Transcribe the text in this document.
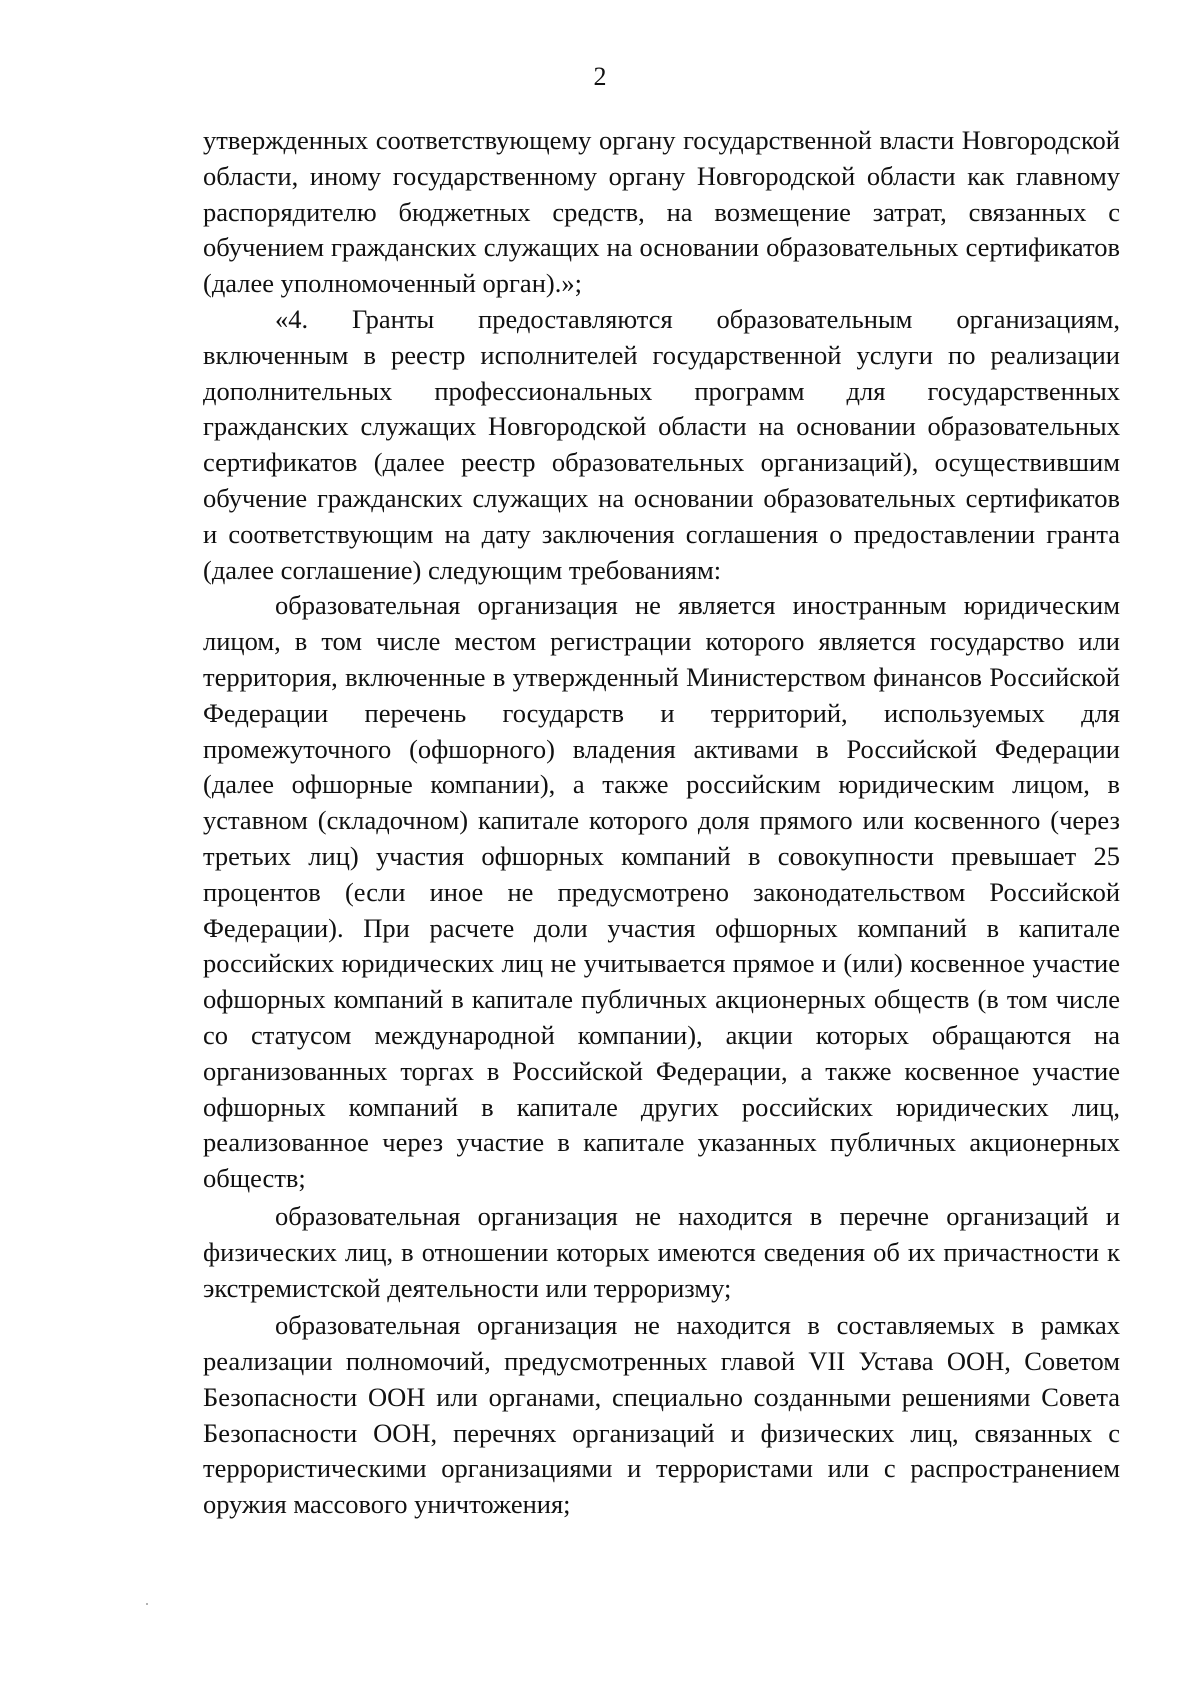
2

утвержденных соответствующему органу государственной власти Новгородской области, иному государственному органу Новгородской области как главному распорядителю бюджетных средств, на возмещение затрат, связанных с обучением гражданских служащих на основании образовательных сертификатов (далее уполномоченный орган).»;

«4. Гранты предоставляются образовательным организациям, включенным в реестр исполнителей государственной услуги по реализации дополнительных профессиональных программ для государственных гражданских служащих Новгородской области на основании образовательных сертификатов (далее реестр образовательных организаций), осуществившим обучение гражданских служащих на основании образовательных сертификатов и соответствующим на дату заключения соглашения о предоставлении гранта (далее соглашение) следующим требованиям:

образовательная организация не является иностранным юридическим лицом, в том числе местом регистрации которого является государство или территория, включенные в утвержденный Министерством финансов Российской Федерации перечень государств и территорий, используемых для промежуточного (офшорного) владения активами в Российской Федерации (далее офшорные компании), а также российским юридическим лицом, в уставном (складочном) капитале которого доля прямого или косвенного (через третьих лиц) участия офшорных компаний в совокупности превышает 25 процентов (если иное не предусмотрено законодательством Российской Федерации). При расчете доли участия офшорных компаний в капитале российских юридических лиц не учитывается прямое и (или) косвенное участие офшорных компаний в капитале публичных акционерных обществ (в том числе со статусом международной компании), акции которых обращаются на организованных торгах в Российской Федерации, а также косвенное участие офшорных компаний в капитале других российских юридических лиц, реализованное через участие в капитале указанных публичных акционерных обществ;

образовательная организация не находится в перечне организаций и физических лиц, в отношении которых имеются сведения об их причастности к экстремистской деятельности или терроризму;

образовательная организация не находится в составляемых в рамках реализации полномочий, предусмотренных главой VII Устава ООН, Советом Безопасности ООН или органами, специально созданными решениями Совета Безопасности ООН, перечнях организаций и физических лиц, связанных с террористическими организациями и террористами или с распространением оружия массового уничтожения;
